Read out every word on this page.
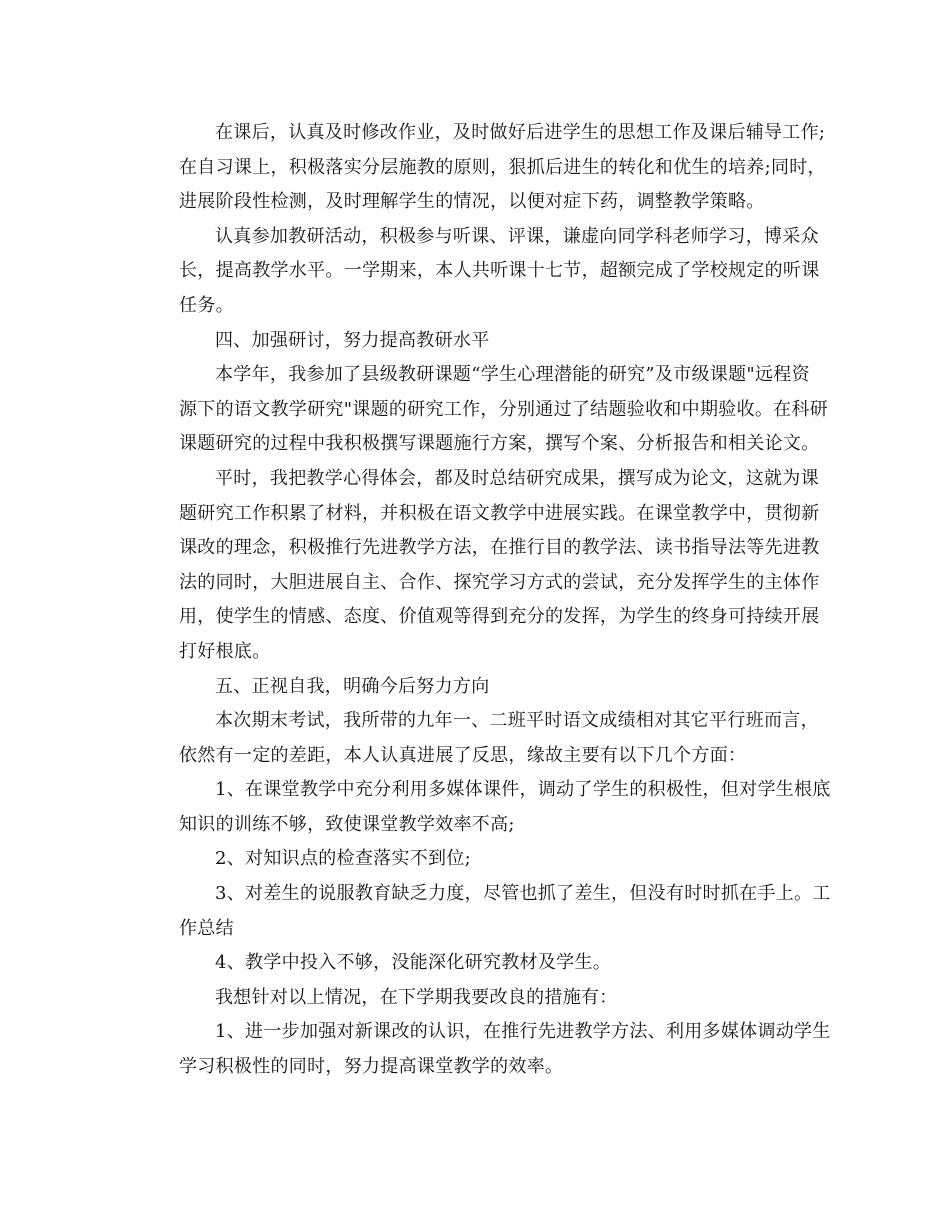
在课后，认真及时修改作业，及时做好后进学生的思想工作及课后辅导工作;
在自习课上，积极落实分层施教的原则，狠抓后进生的转化和优生的培养;同时，
进展阶段性检测，及时理解学生的情况，以便对症下药，调整教学策略。

认真参加教研活动，积极参与听课、评课，谦虚向同学科老师学习，博采众
长，提高教学水平。一学期来，本人共听课十七节，超额完成了学校规定的听课
任务。

四、加强研讨，努力提高教研水平

本学年，我参加了县级教研课题“学生心理潜能的研究”及市级课题"远程资
源下的语文教学研究"课题的研究工作，分别通过了结题验收和中期验收。在科研
课题研究的过程中我积极撰写课题施行方案，撰写个案、分析报告和相关论文。

平时，我把教学心得体会，都及时总结研究成果，撰写成为论文，这就为课
题研究工作积累了材料，并积极在语文教学中进展实践。在课堂教学中，贯彻新
课改的理念，积极推行先进教学方法，在推行目的教学法、读书指导法等先进教
法的同时，大胆进展自主、合作、探究学习方式的尝试，充分发挥学生的主体作
用，使学生的情感、态度、价值观等得到充分的发挥，为学生的终身可持续开展
打好根底。

五、正视自我，明确今后努力方向

本次期末考试，我所带的九年一、二班平时语文成绩相对其它平行班而言，
依然有一定的差距，本人认真进展了反思，缘故主要有以下几个方面：

1、在课堂教学中充分利用多媒体课件，调动了学生的积极性，但对学生根底
知识的训练不够，致使课堂教学效率不高;

2、对知识点的检查落实不到位;

3、对差生的说服教育缺乏力度，尽管也抓了差生，但没有时时抓在手上。工
作总结

4、教学中投入不够，没能深化研究教材及学生。

我想针对以上情况，在下学期我要改良的措施有：

1、进一步加强对新课改的认识，在推行先进教学方法、利用多媒体调动学生
学习积极性的同时，努力提高课堂教学的效率。
